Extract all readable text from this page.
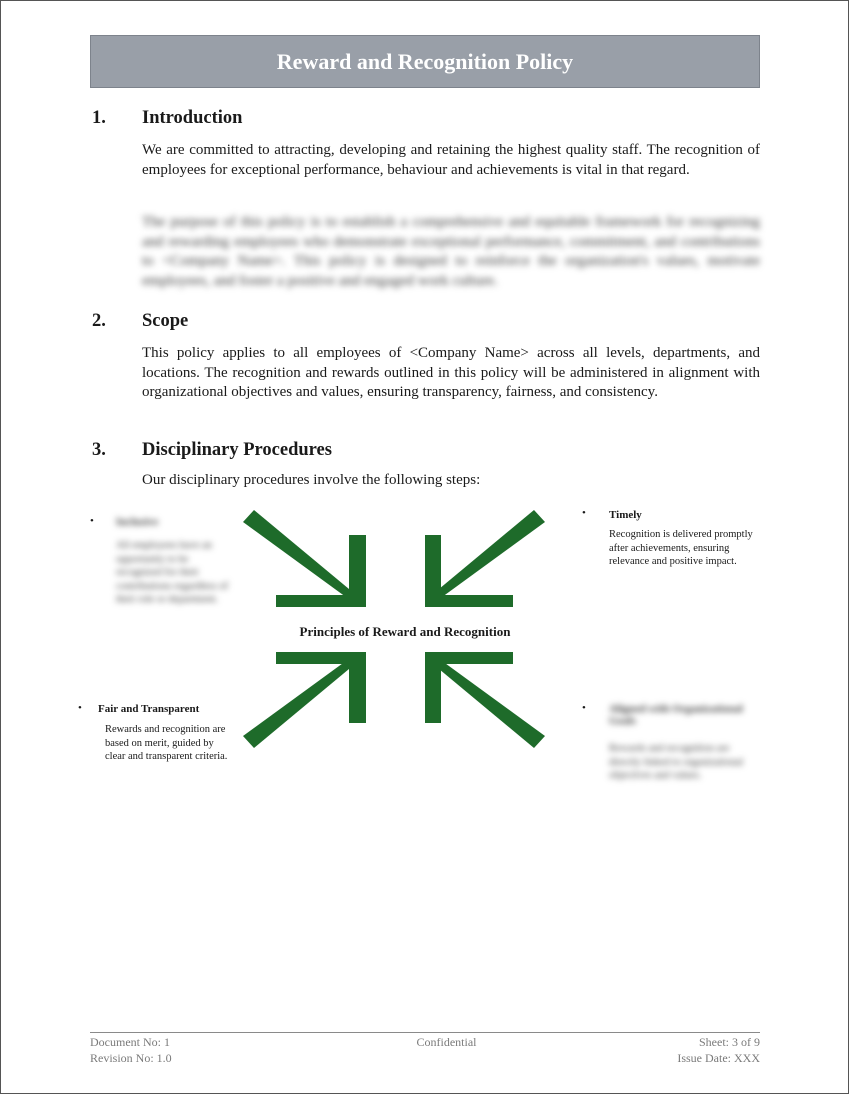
Reward and Recognition Policy
1. Introduction
We are committed to attracting, developing and retaining the highest quality staff. The recognition of employees for exceptional performance, behaviour and achievements is vital in that regard.
The purpose of this policy is to establish a comprehensive and equitable framework for recognizing and rewarding employees who demonstrate exceptional performance, commitment, and contributions to <Company Name>. This policy is designed to reinforce the organization's values, motivate employees, and foster a positive and engaged work culture.
2. Scope
This policy applies to all employees of <Company Name> across all levels, departments, and locations. The recognition and rewards outlined in this policy will be administered in alignment with organizational objectives and values, ensuring transparency, fairness, and consistency.
3. Disciplinary Procedures
Our disciplinary procedures involve the following steps:
Principles of Reward and Recognition
• Inclusive
All employees have an opportunity to be recognized for their contributions regardless of their role or department.
• Timely
Recognition is delivered promptly after achievements, ensuring relevance and positive impact.
• Fair and Transparent
Rewards and recognition are based on merit, guided by clear and transparent criteria.
• Aligned with Organizational Goals
Rewards and recognition are directly linked to organizational objectives and values.
Document No: 1
Revision No: 1.0
Confidential	Sheet: 3 of 9
Issue Date: XXX
